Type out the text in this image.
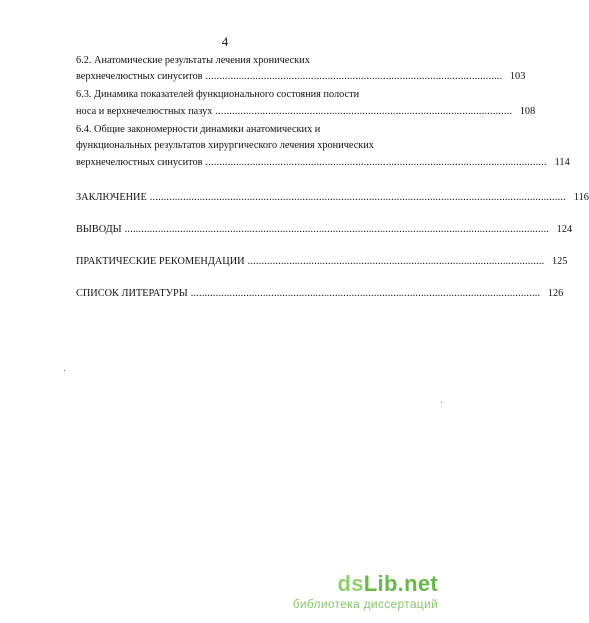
4
6.2. Анатомические результаты лечения хронических
верхнечелюстных синуситов ........................................................................................................... 103
6.3. Динамика показателей функционального состояния полости
носа и верхнечелюстных пазух ........................................................................................................... 108
6.4. Общие закономерности динамики анатомических и
функциональных результатов хирургического лечения хронических
верхнечелюстных синуситов ........................................................................................................................... 114
ЗАКЛЮЧЕНИЕ ...................................................................................................................................................... 116
ВЫВОДЫ ......................................................................................................................................................... 124
ПРАКТИЧЕСКИЕ РЕКОМЕНДАЦИИ ........................................................................................................... 125
СПИСОК ЛИТЕРАТУРЫ .............................................................................................................................. 126
dsLib.net
библиотека диссертаций
